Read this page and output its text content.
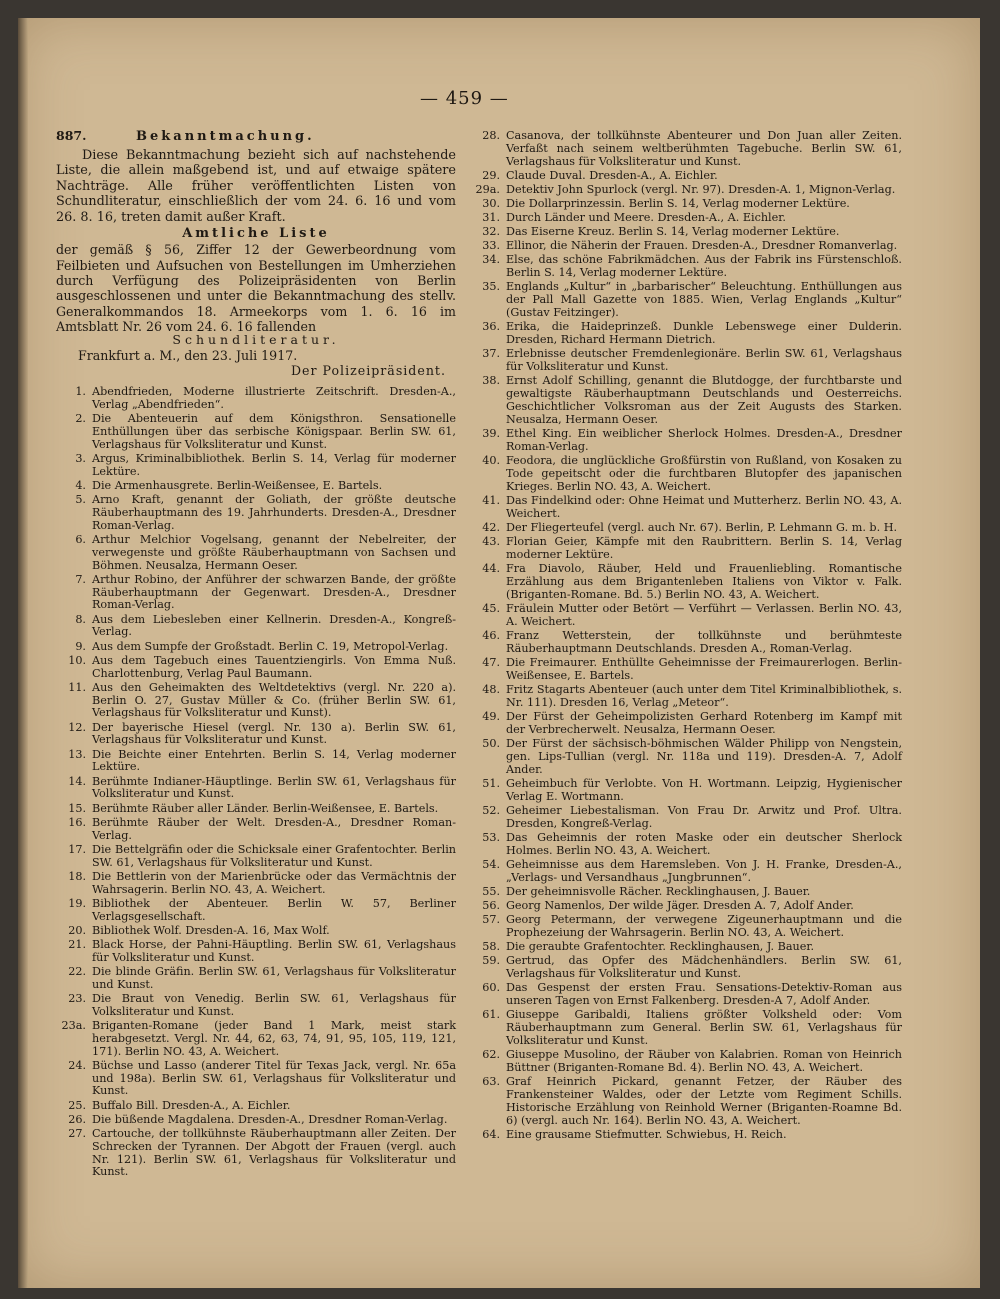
— 459 —
887.	Bekanntmachung.

Diese Bekanntmachung bezieht sich auf nachstehende Liste, die allein maßgebend ist, und auf etwaige spätere Nachträge. Alle früher veröffentlichten Listen von Schundliteratur, einschließlich der vom 24. 6. 16 und vom 26. 8. 16, treten damit außer Kraft.

Amtliche Liste

der gemäß § 56, Ziffer 12 der Gewerbeordnung vom Feilbieten und Aufsuchen von Bestellungen im Umherziehen durch Verfügung des Polizeipräsidenten von Berlin ausgeschlossenen und unter die Bekanntmachung des stellv. Generalkommandos 18. Armeekorps vom 1. 6. 16 im Amtsblatt Nr. 26 vom 24. 6. 16 fallenden

Schundliteratur.
Frankfurt a. M., den 23. Juli 1917.
Der Polizeipräsident.
1. Abendfrieden, Moderne illustrierte Zeitschrift. Dresden-A., Verlag „Abendfrieden“.
2. Die Abenteuerin auf dem Königsthron. Sensationelle Enthüllungen über das serbische Königspaar. Berlin SW. 61, Verlagshaus für Volksliteratur und Kunst.
3. Argus, Kriminalbibliothek. Berlin S. 14, Verlag für moderner Lektüre.
4. Die Armenhausgrete. Berlin-Weißensee, E. Bartels.
5. Arno Kraft, genannt der Goliath, der größte deutsche Räuberhauptmann des 19. Jahrhunderts. Dresden-A., Dresdner Roman-Verlag.
6. Arthur Melchior Vogelsang, genannt der Nebelreiter, der verwegenste und größte Räuberhauptmann von Sachsen und Böhmen. Neusalza, Hermann Oeser.
7. Arthur Robino, der Anführer der schwarzen Bande, der größte Räuberhauptmann der Gegenwart. Dresden-A., Dresdner Roman-Verlag.
8. Aus dem Liebesleben einer Kellnerin. Dresden-A., Kongreß-Verlag.
9. Aus dem Sumpfe der Großstadt. Berlin C. 19, Metropol-Verlag.
10. Aus dem Tagebuch eines Tauentziengirls. Von Emma Nuß. Charlottenburg, Verlag Paul Baumann.
11. Aus den Geheimakten des Weltdetektivs (vergl. Nr. 220 a). Berlin O. 27, Gustav Müller & Co. (früher Berlin SW. 61, Verlagshaus für Volksliteratur und Kunst).
12. Der bayerische Hiesel (vergl. Nr. 130 a). Berlin SW. 61, Verlagshaus für Volksliteratur und Kunst.
13. Die Beichte einer Entehrten. Berlin S. 14, Verlag moderner Lektüre.
14. Berühmte Indianer-Häuptlinge. Berlin SW. 61, Verlagshaus für Volksliteratur und Kunst.
15. Berühmte Räuber aller Länder. Berlin-Weißensee, E. Bartels.
16. Berühmte Räuber der Welt. Dresden-A., Dresdner Roman-Verlag.
17. Die Bettelgräfin oder die Schicksale einer Grafentochter. Berlin SW. 61, Verlagshaus für Volksliteratur und Kunst.
18. Die Bettlerin von der Marienbrücke oder das Vermächtnis der Wahrsagerin. Berlin NO. 43, A. Weichert.
19. Bibliothek der Abenteuer. Berlin W. 57, Berliner Verlagsgesellschaft.
20. Bibliothek Wolf. Dresden-A. 16, Max Wolf.
21. Black Horse, der Pahni-Häuptling. Berlin SW. 61, Verlagshaus für Volksliteratur und Kunst.
22. Die blinde Gräfin. Berlin SW. 61, Verlagshaus für Volksliteratur und Kunst.
23. Die Braut von Venedig. Berlin SW. 61, Verlagshaus für Volksliteratur und Kunst.
23a. Briganten-Romane (jeder Band 1 Mark, meist stark herabgesetzt. Vergl. Nr. 44, 62, 63, 74, 91, 95, 105, 119, 121, 171). Berlin NO. 43, A. Weichert.
24. Büchse und Lasso (anderer Titel für Texas Jack, vergl. Nr. 65a und 198a). Berlin SW. 61, Verlagshaus für Volksliteratur und Kunst.
25. Buffalo Bill. Dresden-A., A. Eichler.
26. Die büßende Magdalena. Dresden-A., Dresdner Roman-Verlag.
27. Cartouche, der tollkühnste Räuberhauptmann aller Zeiten. Der Schrecken der Tyrannen. Der Abgott der Frauen (vergl. auch Nr. 121). Berlin SW. 61, Verlagshaus für Volksliteratur und Kunst.
28. Casanova, der tollkühnste Abenteurer und Don Juan aller Zeiten. Verfaßt nach seinem weltberühmten Tagebuche. Berlin SW. 61, Verlagshaus für Volksliteratur und Kunst.
29. Claude Duval. Dresden-A., A. Eichler.
29a. Detektiv John Spurlock (vergl. Nr. 97). Dresden-A. 1, Mignon-Verlag.
30. Die Dollarprinzessin. Berlin S. 14, Verlag moderner Lektüre.
31. Durch Länder und Meere. Dresden-A., A. Eichler.
32. Das Eiserne Kreuz. Berlin S. 14, Verlag moderner Lektüre.
33. Ellinor, die Näherin der Frauen. Dresden-A., Dresdner Romanverlag.
34. Else, das schöne Fabrikmädchen. Aus der Fabrik ins Fürstenschloß. Berlin S. 14, Verlag moderner Lektüre.
35. Englands „Kultur“ in „barbarischer“ Beleuchtung. Enthüllungen aus der Pall Mall Gazette von 1885. Wien, Verlag Englands „Kultur“ (Gustav Feitzinger).
36. Erika, die Haideprinzeß. Dunkle Lebenswege einer Dulderin. Dresden, Richard Hermann Dietrich.
37. Erlebnisse deutscher Fremdenlegionäre. Berlin SW. 61, Verlagshaus für Volksliteratur und Kunst.
38. Ernst Adolf Schilling, genannt die Blutdogge, der furchtbarste und gewaltigste Räuberhauptmann Deutschlands und Oesterreichs. Geschichtlicher Volksroman aus der Zeit Augusts des Starken. Neusalza, Hermann Oeser.
39. Ethel King. Ein weiblicher Sherlock Holmes. Dresden-A., Dresdner Roman-Verlag.
40. Feodora, die unglückliche Großfürstin von Rußland, von Kosaken zu Tode gepeitscht oder die furchtbaren Blutopfer des japanischen Krieges. Berlin NO. 43, A. Weichert.
41. Das Findelkind oder: Ohne Heimat und Mutterherz. Berlin NO. 43, A. Weichert.
42. Der Fliegerteufel (vergl. auch Nr. 67). Berlin, P. Lehmann G. m. b. H.
43. Florian Geier, Kämpfe mit den Raubrittern. Berlin S. 14, Verlag moderner Lektüre.
44. Fra Diavolo, Räuber, Held und Frauenliebling. Romantische Erzählung aus dem Brigantenleben Italiens von Viktor v. Falk. (Briganten-Romane. Bd. 5.) Berlin NO. 43, A. Weichert.
45. Fräulein Mutter oder Betört — Verführt — Verlassen. Berlin NO. 43, A. Weichert.
46. Franz Wetterstein, der tollkühnste und berühmteste Räuberhauptmann Deutschlands. Dresden A., Roman-Verlag.
47. Die Freimaurer. Enthüllte Geheimnisse der Freimaurerlogen. Berlin-Weißensee, E. Bartels.
48. Fritz Stagarts Abenteuer (auch unter dem Titel Kriminalbibliothek, s. Nr. 111). Dresden 16, Verlag „Meteor“.
49. Der Fürst der Geheimpolizisten Gerhard Rotenberg im Kampf mit der Verbrecherwelt. Neusalza, Hermann Oeser.
50. Der Fürst der sächsisch-böhmischen Wälder Philipp von Nengstein, gen. Lips-Tullian (vergl. Nr. 118a und 119). Dresden-A. 7, Adolf Ander.
51. Geheimbuch für Verlobte. Von H. Wortmann. Leipzig, Hygienischer Verlag E. Wortmann.
52. Geheimer Liebestalisman. Von Frau Dr. Arwitz und Prof. Ultra. Dresden, Kongreß-Verlag.
53. Das Geheimnis der roten Maske oder ein deutscher Sherlock Holmes. Berlin NO. 43, A. Weichert.
54. Geheimnisse aus dem Haremsleben. Von J. H. Franke, Dresden-A., „Verlags- und Versandhaus „Jungbrunnen“.
55. Der geheimnisvolle Rächer. Recklinghausen, J. Bauer.
56. Georg Namenlos, Der wilde Jäger. Dresden A. 7, Adolf Ander.
57. Georg Petermann, der verwegene Zigeunerhauptmann und die Prophezeiung der Wahrsagerin. Berlin NO. 43, A. Weichert.
58. Die geraubte Grafentochter. Recklinghausen, J. Bauer.
59. Gertrud, das Opfer des Mädchenhändlers. Berlin SW. 61, Verlagshaus für Volksliteratur und Kunst.
60. Das Gespenst der ersten Frau. Sensations-Detektiv-Roman aus unseren Tagen von Ernst Falkenberg. Dresden-A 7, Adolf Ander.
61. Giuseppe Garibaldi, Italiens größter Volksheld oder: Vom Räuberhauptmann zum General. Berlin SW. 61, Verlagshaus für Volksliteratur und Kunst.
62. Giuseppe Musolino, der Räuber von Kalabrien. Roman von Heinrich Büttner (Briganten-Romane Bd. 4). Berlin NO. 43, A. Weichert.
63. Graf Heinrich Pickard, genannt Fetzer, der Räuber des Frankensteiner Waldes, oder der Letzte vom Regiment Schills. Historische Erzählung von Reinhold Werner (Briganten-Roamne Bd. 6) (vergl. auch Nr. 164). Berlin NO. 43, A. Weichert.
64. Eine grausame Stiefmutter. Schwiebus, H. Reich.
